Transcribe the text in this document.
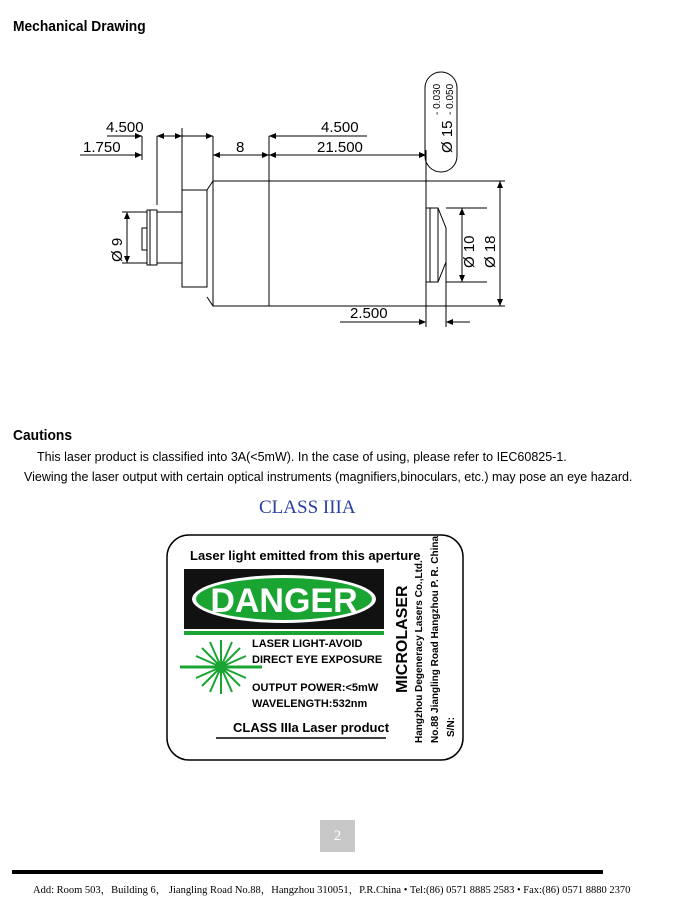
Mechanical Drawing
4.500
1.750	8
4.500
21.500
2.500
Ø 9	Ø 10 Ø 18
Ø 15
- 0.030 - 0.050
Cautions
This laser product is classified into 3A(<5mW). In the case of using, please refer to IEC60825-1.
Viewing the laser output with certain optical instruments (magnifiers,binoculars, etc.) may pose an eye hazard.
CLASS IIIA
Laser light emitted from this aperture
DANGER
LASER LIGHT-AVOID
DIRECT EYE EXPOSURE
OUTPUT POWER:<5mW
WAVELENGTH:532nm
CLASS IIIa Laser product
MICROLASER Hangzhou Degeneracy Lasers Co.,Ltd. No.88 Jiangling Road Hangzhou P. R. China S/N:
2
Add: Room 503，Building 6， Jiangling Road No.88，Hangzhou 310051，P.R.China • Tel:(86) 0571 8885 2583 • Fax:(86) 0571 8880 2370
